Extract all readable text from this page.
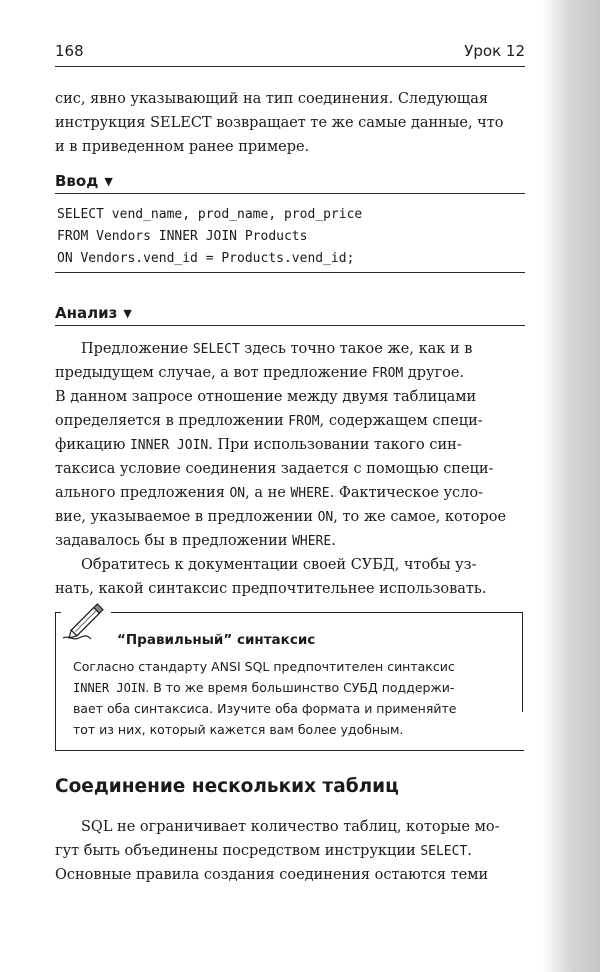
168	Урок 12
сис, явно указывающий на тип соединения. Следующая
инструкция SELECT возвращает те же самые данные, что
и в приведенном ранее примере.
Ввод ▼
SELECT vend_name, prod_name, prod_price
FROM Vendors INNER JOIN Products
ON Vendors.vend_id = Products.vend_id;
Анализ ▼
Предложение SELECT здесь точно такое же, как и в
предыдущем случае, а вот предложение FROM другое.
В данном запросе отношение между двумя таблицами
определяется в предложении FROM, содержащем специ-
фикацию INNER JOIN. При использовании такого син-
таксиса условие соединения задается с помощью специ-
ального предложения ON, а не WHERE. Фактическое усло-
вие, указываемое в предложении ON, то же самое, которое
задавалось бы в предложении WHERE.
Обратитесь к документации своей СУБД, чтобы уз-
нать, какой синтаксис предпочтительнее использовать.
“Правильный” синтаксис
Согласно стандарту ANSI SQL предпочтителен синтаксис
INNER JOIN. В то же время большинство СУБД поддержи-
вает оба синтаксиса. Изучите оба формата и применяйте
тот из них, который кажется вам более удобным.
Соединение нескольких таблиц
SQL не ограничивает количество таблиц, которые мо-
гут быть объединены посредством инструкции SELECT.
Основные правила создания соединения остаются теми
